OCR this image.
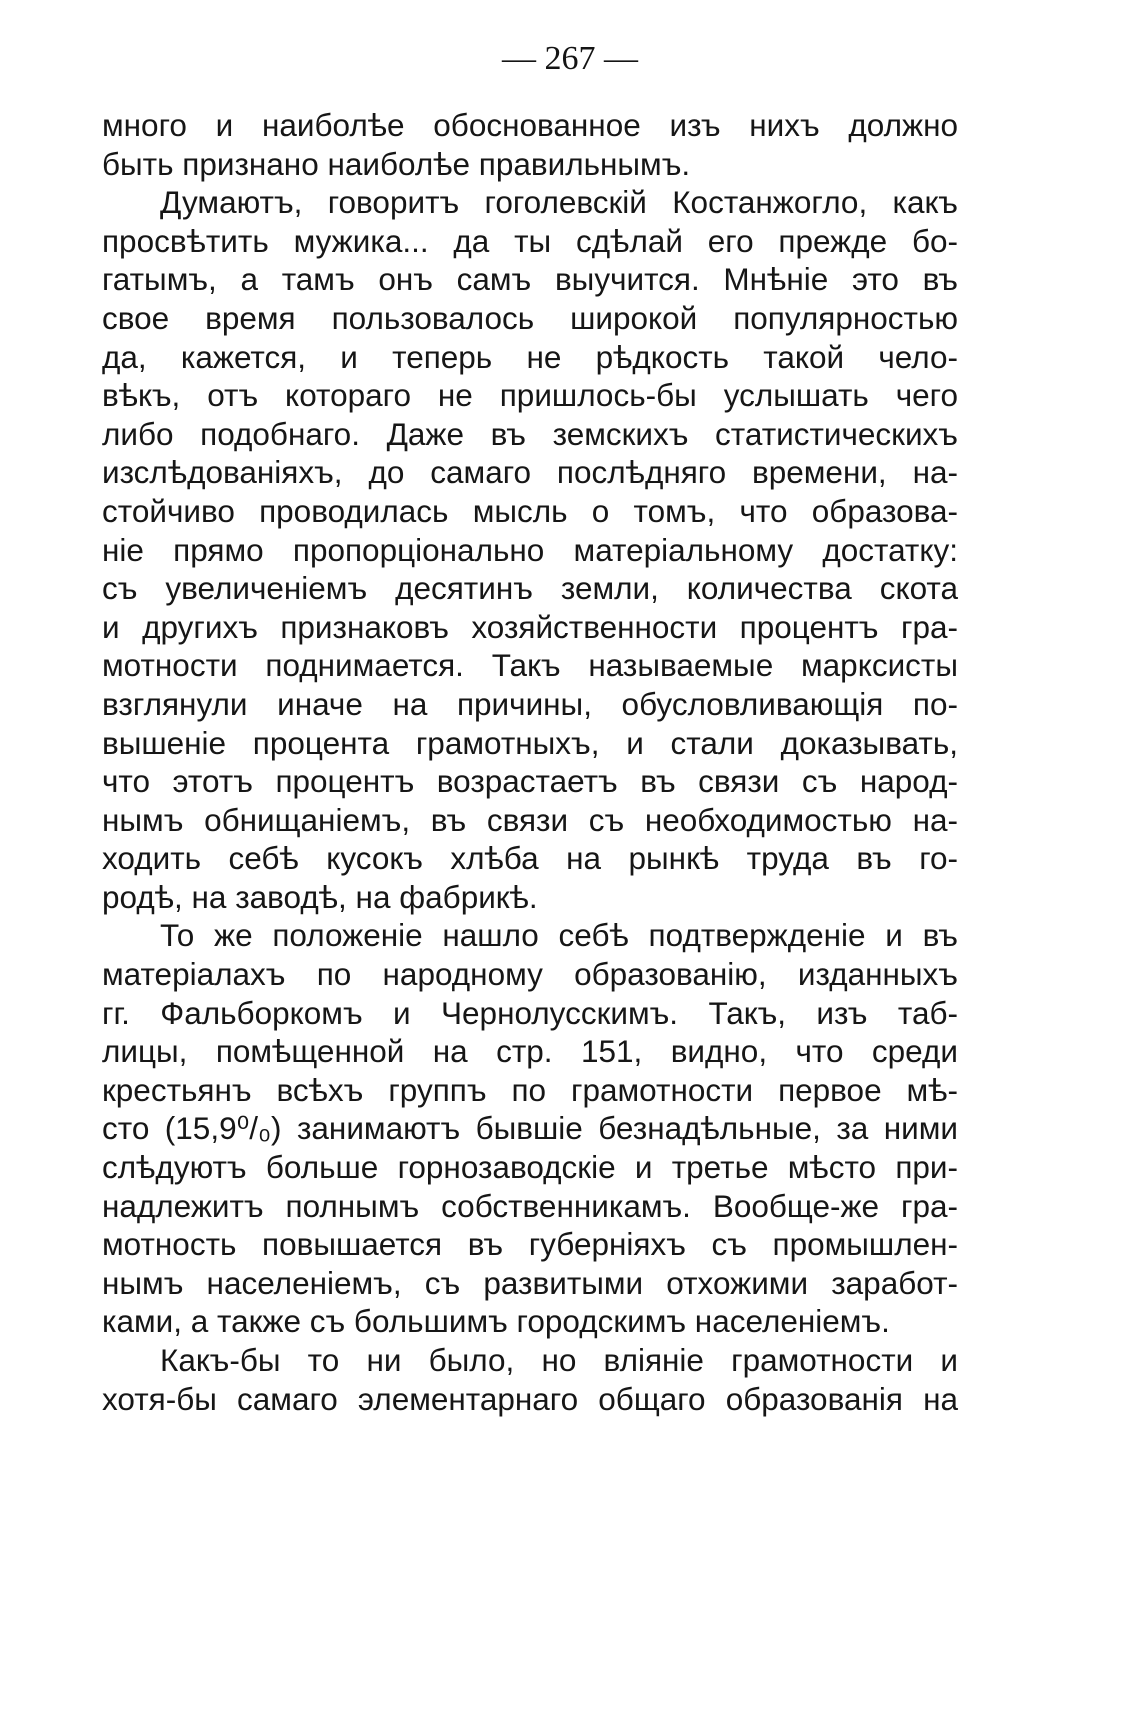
— 267 —
много и наиболѣе обоснованное изъ нихъ должно
быть признано наиболѣе правильнымъ.
Думаютъ, говоритъ гоголевскій Костанжогло, какъ
просвѣтить мужика... да ты сдѣлай его прежде бо-
гатымъ, а тамъ онъ самъ выучится. Мнѣніе это въ
свое время пользовалось широкой популярностью
да, кажется, и теперь не рѣдкость такой чело-
вѣкъ, отъ котораго не пришлось-бы услышать чего
либо подобнаго. Даже въ земскихъ статистическихъ
изслѣдованіяхъ, до самаго послѣдняго времени, на-
стойчиво проводилась мысль о томъ, что образова-
ніе прямо пропорціонально матеріальному достатку:
съ увеличеніемъ десятинъ земли, количества скота
и другихъ признаковъ хозяйственности процентъ гра-
мотности поднимается. Такъ называемые марксисты
взглянули иначе на причины, обусловливающія по-
вышеніе процента грамотныхъ, и стали доказывать,
что этотъ процентъ возрастаетъ въ связи съ народ-
нымъ обнищаніемъ, въ связи съ необходимостью на-
ходить себѣ кусокъ хлѣба на рынкѣ труда въ го-
родѣ, на заводѣ, на фабрикѣ.
То же положеніе нашло себѣ подтвержденіе и въ
матеріалахъ по народному образованію, изданныхъ
гг. Фальборкомъ и Чернолусскимъ. Такъ, изъ таб-
лицы, помѣщенной на стр. 151, видно, что среди
крестьянъ всѣхъ группъ по грамотности первое мѣ-
сто (15,9⁰/₀) занимаютъ бывшіе безнадѣльные, за ними
слѣдуютъ больше горнозаводскіе и третье мѣсто при-
надлежитъ полнымъ собственникамъ. Вообще-же гра-
мотность повышается въ губерніяхъ съ промышлен-
нымъ населеніемъ, съ развитыми отхожими заработ-
ками, а также съ большимъ городскимъ населеніемъ.
Какъ-бы то ни было, но вліяніе грамотности и
хотя-бы самаго элементарнаго общаго образованія на
